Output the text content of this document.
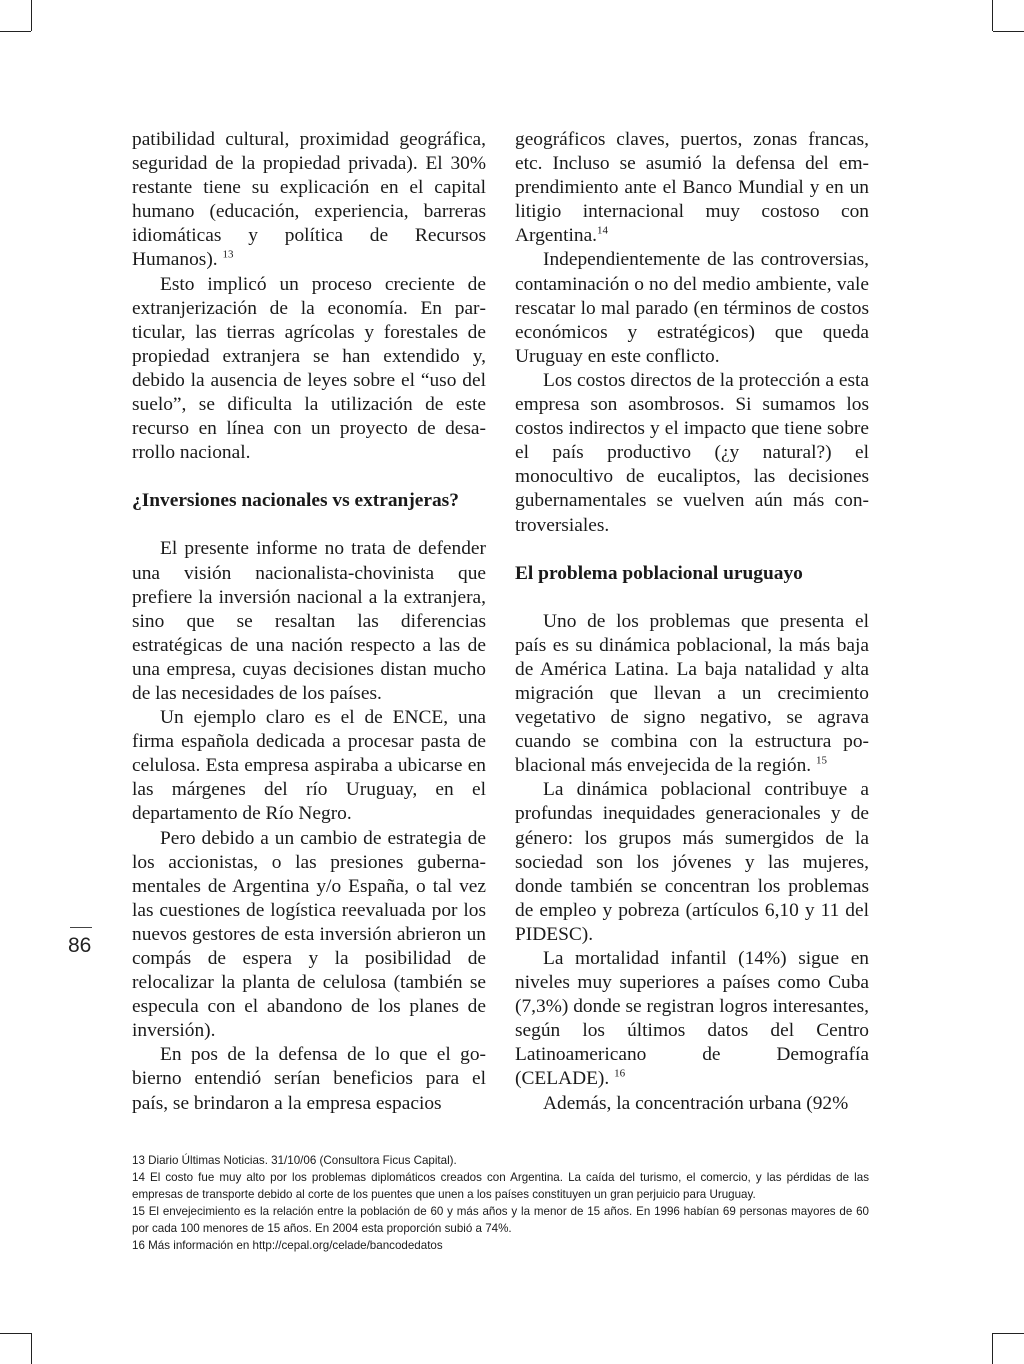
patibilidad cultural, proximidad geográfica, seguridad de la propiedad privada). El 30% restante tiene su explicación en el capital humano (educación, experiencia, barreras idiomáticas y política de Recursos Humanos). $^{13}$

Esto implicó un proceso creciente de extranjerización de la economía. En particular, las tierras agrícolas y forestales de propiedad extranjera se han extendido y, debido la ausencia de leyes sobre el “uso del suelo”, se dificulta la utilización de este recurso en línea con un proyecto de desarrollo nacional.

¿Inversiones nacionales vs extranjeras?

El presente informe no trata de defender una visión nacionalista-chovinista que prefiere la inversión nacional a la extranjera, sino que se resaltan las diferencias estratégicas de una nación respecto a las de una empresa, cuyas decisiones distan mucho de las necesidades de los países.

Un ejemplo claro es el de ENCE, una firma española dedicada a procesar pasta de celulosa. Esta empresa aspiraba a ubicarse en las márgenes del río Uruguay, en el departamento de Río Negro.

Pero debido a un cambio de estrategia de los accionistas, o las presiones gubernamentales de Argentina y/o España, o tal vez las cuestiones de logística reevaluada por los nuevos gestores de esta inversión abrieron un compás de espera y la posibilidad de relocalizar la planta de celulosa (también se especula con el abandono de los planes de inversión).

En pos de la defensa de lo que el gobierno entendió serían beneficios para el país, se brindaron a la empresa espacios

geográficos claves, puertos, zonas francas, etc. Incluso se asumió la defensa del emprendimiento ante el Banco Mundial y en un litigio internacional muy costoso con Argentina.$^{14}$

Independientemente de las controversias, contaminación o no del medio ambiente, vale rescatar lo mal parado (en términos de costos económicos y estratégicos) que queda Uruguay en este conflicto.

Los costos directos de la protección a esta empresa son asombrosos. Si sumamos los costos indirectos y el impacto que tiene sobre el país productivo (¿y natural?) el monocultivo de eucaliptos, las decisiones gubernamentales se vuelven aún más controversiales.

El problema poblacional uruguayo

Uno de los problemas que presenta el país es su dinámica poblacional, la más baja de América Latina. La baja natalidad y alta migración que llevan a un crecimiento vegetativo de signo negativo, se agrava cuando se combina con la estructura poblacional más envejecida de la región. $^{15}$

La dinámica poblacional contribuye a profundas inequidades generacionales y de género: los grupos más sumergidos de la sociedad son los jóvenes y las mujeres, donde también se concentran los problemas de empleo y pobreza (artículos 6,10 y 11 del PIDESC).

La mortalidad infantil (14%) sigue en niveles muy superiores a países como Cuba (7,3%) donde se registran logros interesantes, según los últimos datos del Centro Latinoamericano de Demografía (CELADE). $^{16}$

Además, la concentración urbana (92%

86
13 Diario Últimas Noticias. 31/10/06 (Consultora Ficus Capital).
14 El costo fue muy alto por los problemas diplomáticos creados con Argentina. La caída del turismo, el comercio, y las pérdidas de las empresas de transporte debido al corte de los puentes que unen a los países constituyen un gran perjuicio para Uruguay.
15 El envejecimiento es la relación entre la población de 60 y más años y la menor de 15 años. En 1996 habían 69 personas mayores de 60 por cada 100 menores de 15 años. En 2004 esta proporción subió a 74%.
16 Más información en http://cepal.org/celade/bancodedatos
